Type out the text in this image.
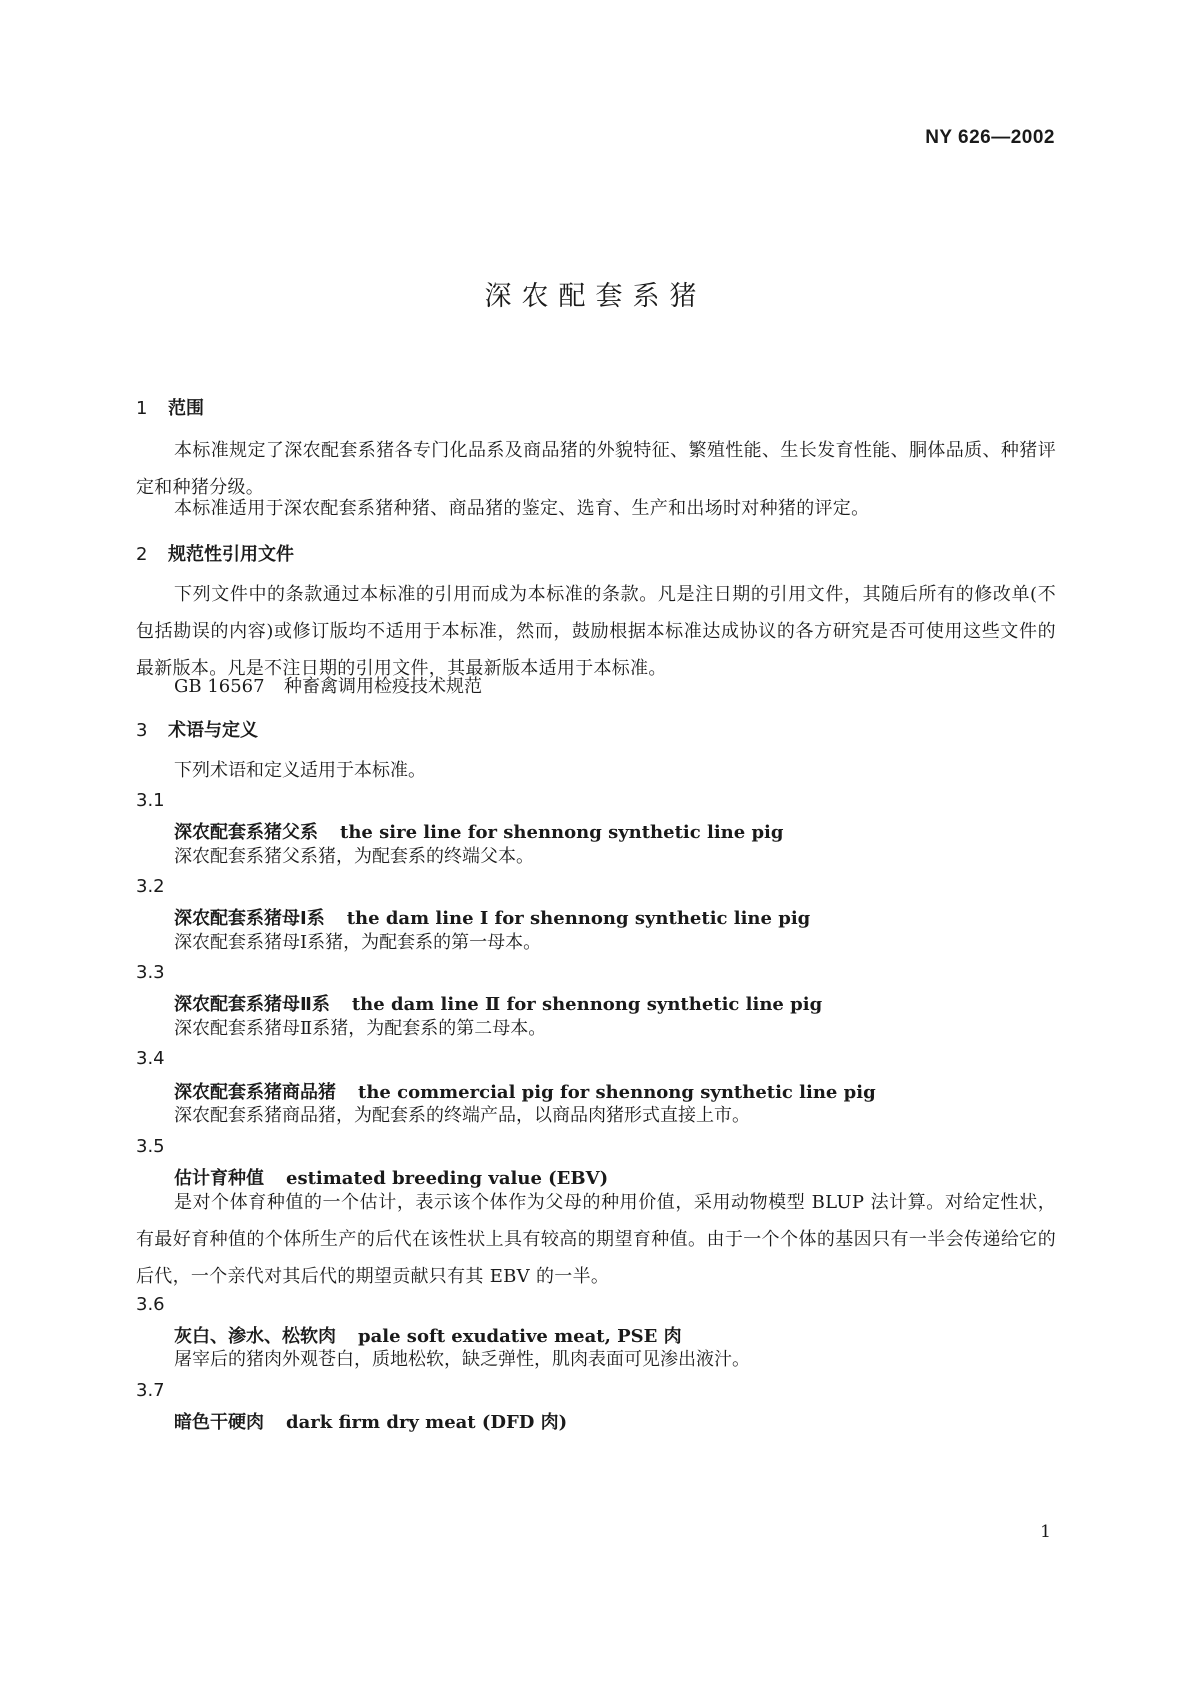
NY 626—2002
深农配套系猪
1 范围
本标准规定了深农配套系猪各专门化品系及商品猪的外貌特征、繁殖性能、生长发育性能、胴体品质、种猪评定和种猪分级。
本标准适用于深农配套系猪种猪、商品猪的鉴定、选育、生产和出场时对种猪的评定。
2 规范性引用文件
下列文件中的条款通过本标准的引用而成为本标准的条款。凡是注日期的引用文件，其随后所有的修改单(不包括勘误的内容)或修订版均不适用于本标准，然而，鼓励根据本标准达成协议的各方研究是否可使用这些文件的最新版本。凡是不注日期的引用文件，其最新版本适用于本标准。
GB 16567 种畜禽调用检疫技术规范
3 术语与定义
下列术语和定义适用于本标准。
3.1
深农配套系猪父系 the sire line for shennong synthetic line pig
深农配套系猪父系猪，为配套系的终端父本。
3.2
深农配套系猪母Ⅰ系 the dam line Ⅰ for shennong synthetic line pig
深农配套系猪母Ⅰ系猪，为配套系的第一母本。
3.3
深农配套系猪母Ⅱ系 the dam line Ⅱ for shennong synthetic line pig
深农配套系猪母Ⅱ系猪，为配套系的第二母本。
3.4
深农配套系猪商品猪 the commercial pig for shennong synthetic line pig
深农配套系猪商品猪，为配套系的终端产品，以商品肉猪形式直接上市。
3.5
估计育种值 estimated breeding value (EBV)
是对个体育种值的一个估计，表示该个体作为父母的种用价值，采用动物模型 BLUP 法计算。对给定性状，有最好育种值的个体所生产的后代在该性状上具有较高的期望育种值。由于一个个体的基因只有一半会传递给它的后代，一个亲代对其后代的期望贡献只有其 EBV 的一半。
3.6
灰白、渗水、松软肉 pale soft exudative meat, PSE 肉
屠宰后的猪肉外观苍白，质地松软，缺乏弹性，肌肉表面可见渗出液汁。
3.7
暗色干硬肉 dark firm dry meat (DFD 肉)
1
